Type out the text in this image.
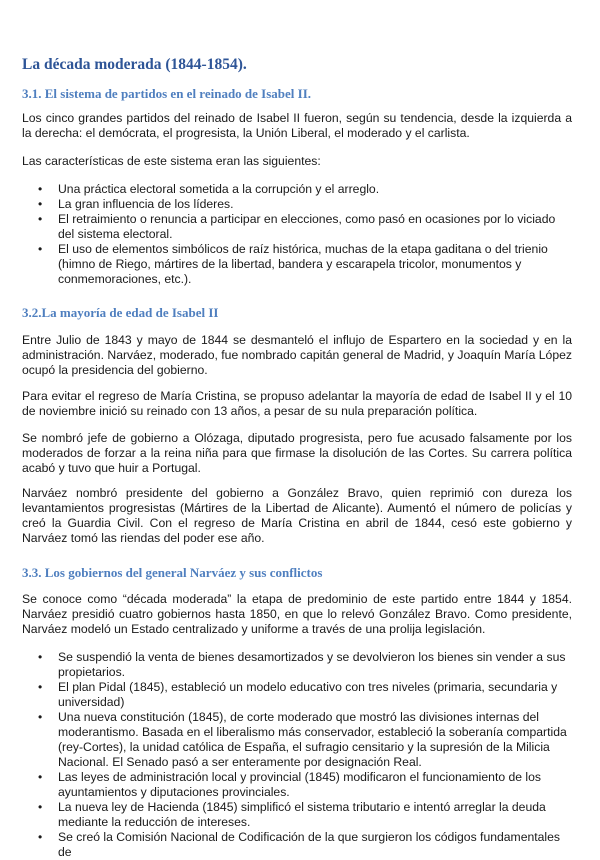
La década moderada (1844-1854).
3.1. El sistema de partidos en el reinado de Isabel II.

Los cinco grandes partidos del reinado de Isabel II fueron, según su tendencia, desde la izquierda a la derecha: el demócrata, el progresista, la Unión Liberal, el moderado y el carlista.

Las características de este sistema eran las siguientes:

• Una práctica electoral sometida a la corrupción y el arreglo.
• La gran influencia de los líderes.
• El retraimiento o renuncia a participar en elecciones, como pasó en ocasiones por lo viciado del sistema electoral.
• El uso de elementos simbólicos de raíz histórica, muchas de la etapa gaditana o del trienio (himno de Riego, mártires de la libertad, bandera y escarapela tricolor, monumentos y conmemoraciones, etc.).
3.2.La mayoría de edad de Isabel II

Entre Julio de 1843 y mayo de 1844 se desmanteló el influjo de Espartero en la sociedad y en la administración. Narváez, moderado, fue nombrado capitán general de Madrid, y Joaquín María López ocupó la presidencia del gobierno.

Para evitar el regreso de María Cristina, se propuso adelantar la mayoría de edad de Isabel II y el 10 de noviembre inició su reinado con 13 años, a pesar de su nula preparación política.

Se nombró jefe de gobierno a Olózaga, diputado progresista, pero fue acusado falsamente por los moderados de forzar a la reina niña para que firmase la disolución de las Cortes. Su carrera política acabó y tuvo que huir a Portugal.

Narváez nombró presidente del gobierno a González Bravo, quien reprimió con dureza los levantamientos progresistas (Mártires de la Libertad de Alicante). Aumentó el número de policías y creó la Guardia Civil. Con el regreso de María Cristina en abril de 1844, cesó este gobierno y Narváez tomó las riendas del poder ese año.

3.3. Los gobiernos del general Narváez y sus conflictos

Se conoce como “década moderada” la etapa de predominio de este partido entre 1844 y 1854. Narváez presidió cuatro gobiernos hasta 1850, en que lo relevó González Bravo. Como presidente, Narváez modeló un Estado centralizado y uniforme a través de una prolija legislación.

• Se suspendió la venta de bienes desamortizados y se devolvieron los bienes sin vender a sus propietarios.
• El plan Pidal (1845), estableció un modelo educativo con tres niveles (primaria, secundaria y universidad)
• Una nueva constitución (1845), de corte moderado que mostró las divisiones internas del moderantismo. Basada en el liberalismo más conservador, estableció la soberanía compartida (rey-Cortes), la unidad católica de España, el sufragio censitario y la supresión de la Milicia Nacional. El Senado pasó a ser enteramente por designación Real.
• Las leyes de administración local y provincial (1845) modificaron el funcionamiento de los ayuntamientos y diputaciones provinciales.
• La nueva ley de Hacienda (1845) simplificó el sistema tributario e intentó arreglar la deuda mediante la reducción de intereses.
• Se creó la Comisión Nacional de Codificación de la que surgieron los códigos fundamentales de
